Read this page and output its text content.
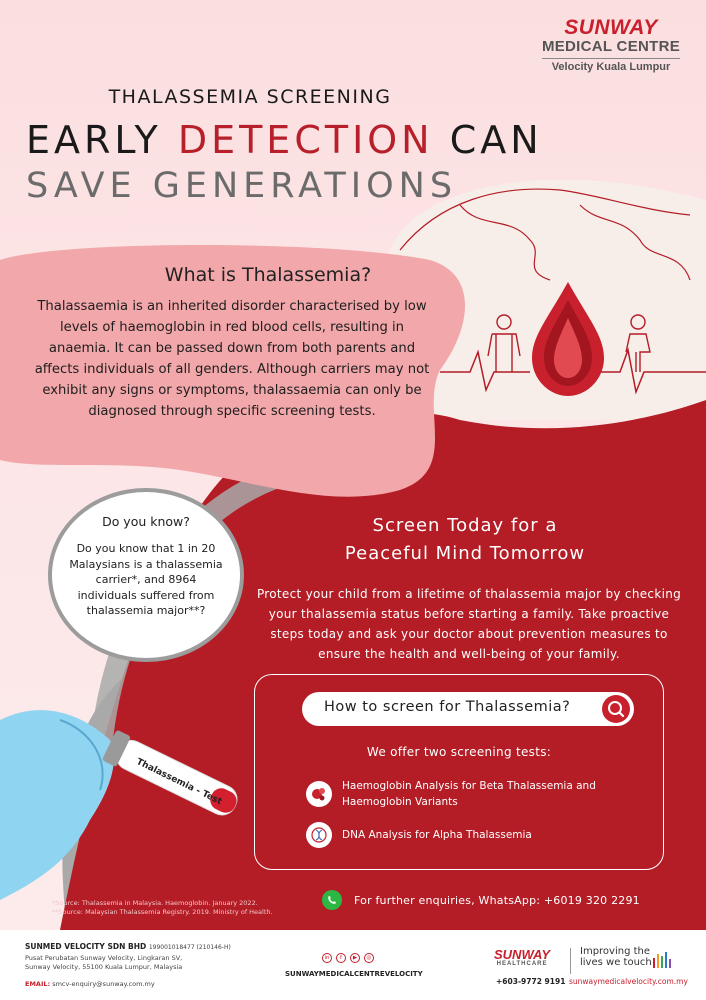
Thalassemia - Test
SUNWAY
MEDICAL CENTRE
Velocity Kuala Lumpur
THALASSEMIA SCREENING
EARLY DETECTION CAN
SAVE GENERATIONS
What is Thalassemia?
Thalassaemia is an inherited disorder characterised by low levels of haemoglobin in red blood cells, resulting in anaemia. It can be passed down from both parents and affects individuals of all genders. Although carriers may not exhibit any signs or symptoms, thalassaemia can only be diagnosed through specific screening tests.
Do you know?
Do you know that 1 in 20 Malaysians is a thalassemia carrier*, and 8964 individuals suffered from thalassemia major**?
Screen Today for a
Peaceful Mind Tomorrow
Protect your child from a lifetime of thalassemia major by checking your thalassemia status before starting a family. Take proactive steps today and ask your doctor about prevention measures to ensure the health and well-being of your family.
How to screen for Thalassemia?
We offer two screening tests:
Haemoglobin Analysis for Beta Thalassemia and
Haemoglobin Variants
DNA Analysis for Alpha Thalassemia
*Source: Thalassemia in Malaysia. Haemoglobin. January 2022.
**Source: Malaysian Thalassemia Registry. 2019. Ministry of Health.
For further enquiries, WhatsApp: +6019 320 2291
SUNMED VELOCITY SDN BHD 199001018477 (210146-H)
Pusat Perubatan Sunway Velocity, Lingkaran SV,
Sunway Velocity, 55100 Kuala Lumpur, Malaysia
EMAIL: smcv-enquiry@sunway.com.my
in	f	▶	◎
SUNWAYMEDICALCENTREVELOCITY
SUNWAY
HEALTHCARE
+603-9772 9191
Improving the
lives we touch
sunwaymedicalvelocity.com.my
